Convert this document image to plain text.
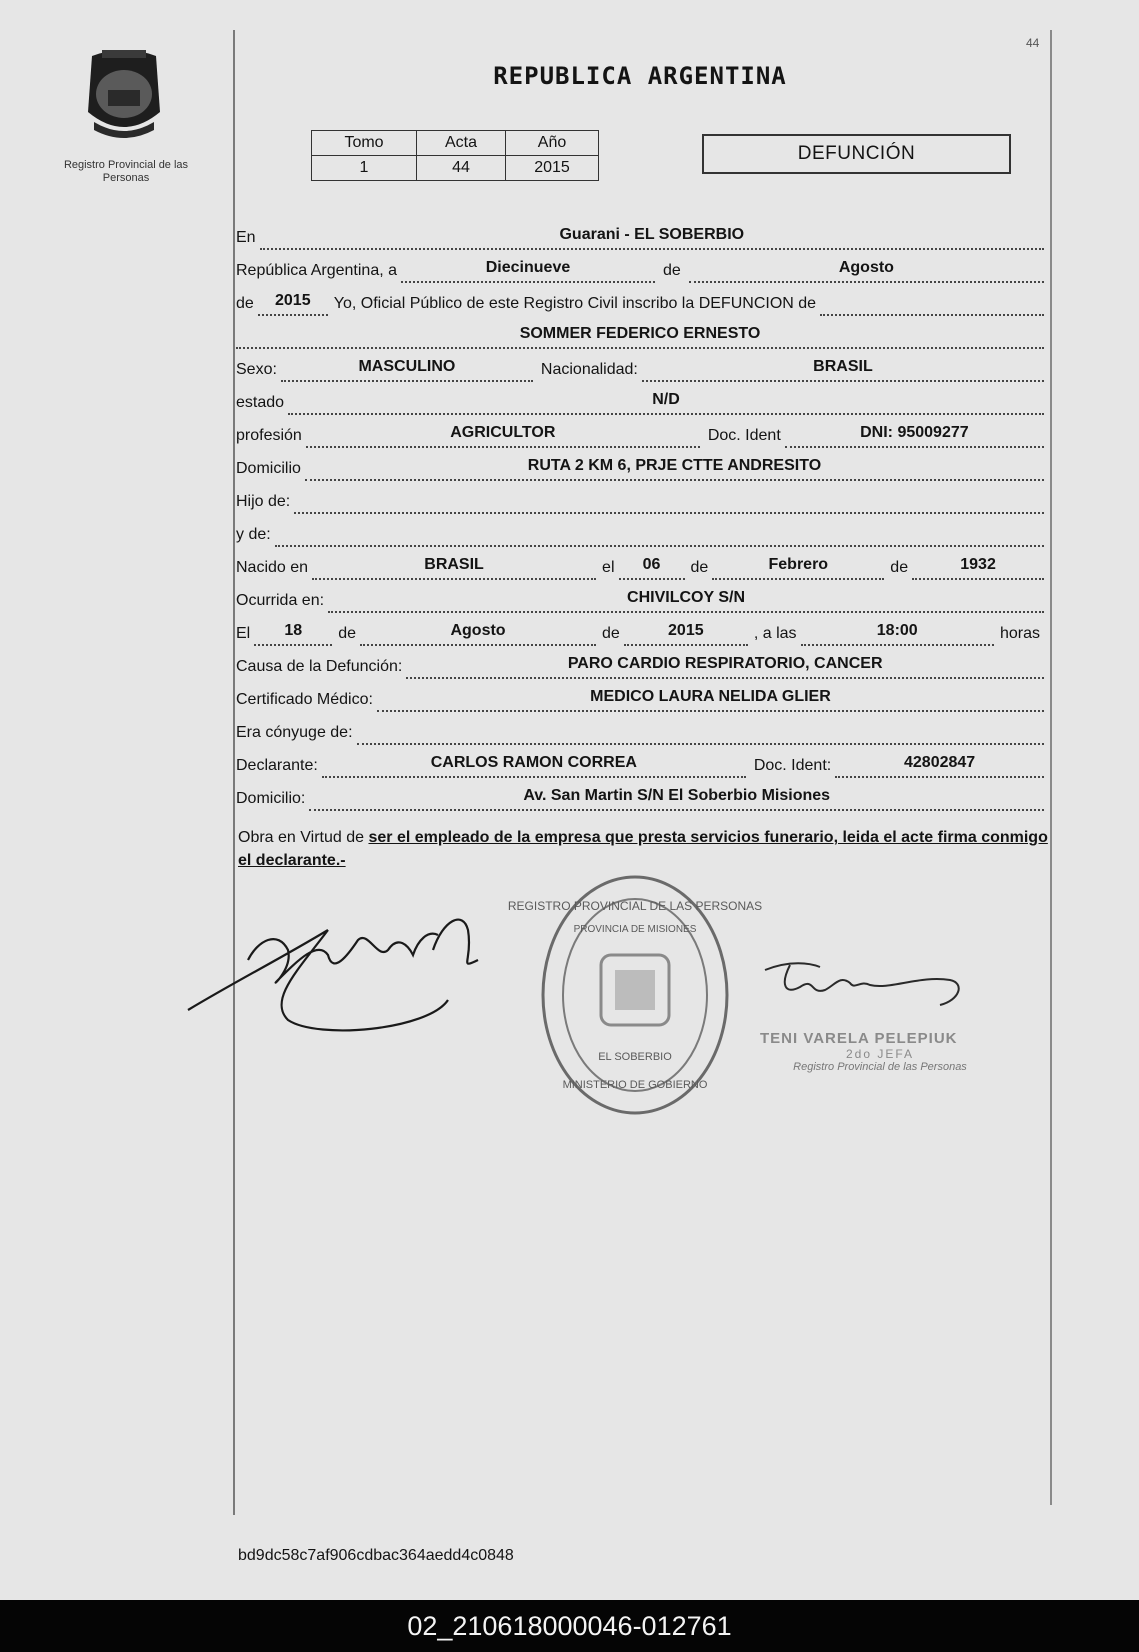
44
Registro Provincial de las Personas
REPUBLICA ARGENTINA
Tomo	Acta	Año
1	44	2015
DEFUNCIÓN
En	Guarani - EL SOBERBIO
República Argentina, a	Diecinueve	de	Agosto
de	2015	Yo, Oficial Público de este Registro Civil inscribo la DEFUNCION de
SOMMER FEDERICO ERNESTO
Sexo:	MASCULINO	Nacionalidad:	BRASIL
estado	N/D
profesión	AGRICULTOR	Doc. Ident	DNI: 95009277
Domicilio	RUTA 2 KM 6, PRJE CTTE ANDRESITO
Hijo de:
y de:
Nacido en	BRASIL	el	06	de	Febrero	de	1932
Ocurrida en:	CHIVILCOY S/N
El	18	de	Agosto	de	2015	, a las	18:00	horas
Causa de la Defunción:	PARO CARDIO RESPIRATORIO, CANCER
Certificado Médico:	MEDICO LAURA NELIDA GLIER
Era cónyuge de:
Declarante:	CARLOS RAMON CORREA	Doc. Ident:	42802847
Domicilio:	Av. San Martin S/N El Soberbio Misiones
Obra en Virtud de ser el empleado de la empresa que presta servicios funerario, leida el acte firma conmigo el declarante.-
REGISTRO PROVINCIAL DE LAS PERSONAS
PROVINCIA DE MISIONES
EL SOBERBIO
MINISTERIO DE GOBIERNO
TENI VARELA PELEPIUK
2do JEFA
Registro Provincial de las Personas
bd9dc58c7af906cdbac364aedd4c0848
02_210618000046-012761
